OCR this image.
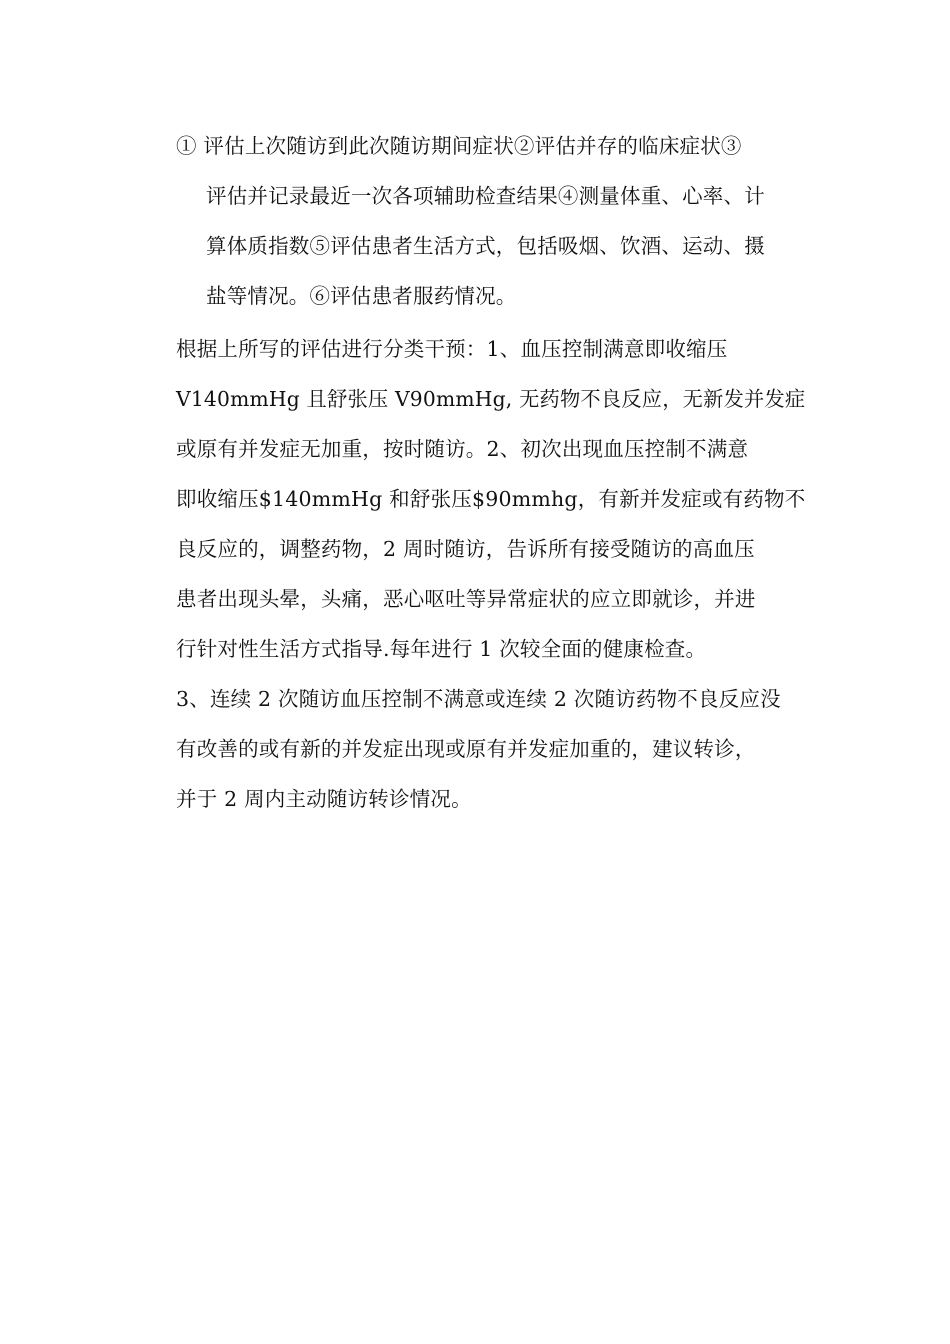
① 评估上次随访到此次随访期间症状②评估并存的临床症状③
评估并记录最近一次各项辅助检查结果④测量体重、心率、计
算体质指数⑤评估患者生活方式，包括吸烟、饮酒、运动、摄
盐等情况。⑥评估患者服药情况。
根据上所写的评估进行分类干预：1、血压控制满意即收缩压
V140mmHg 且舒张压 V90mmHg, 无药物不良反应，无新发并发症
或原有并发症无加重，按时随访。2、初次出现血压控制不满意
即收缩压$140mmHg 和舒张压$90mmhg，有新并发症或有药物不
良反应的，调整药物，2 周时随访，告诉所有接受随访的高血压
患者出现头晕，头痛，恶心呕吐等异常症状的应立即就诊，并进
行针对性生活方式指导.每年进行 1 次较全面的健康检查。
3、连续 2 次随访血压控制不满意或连续 2 次随访药物不良反应没
有改善的或有新的并发症出现或原有并发症加重的，建议转诊，
并于 2 周内主动随访转诊情况。
